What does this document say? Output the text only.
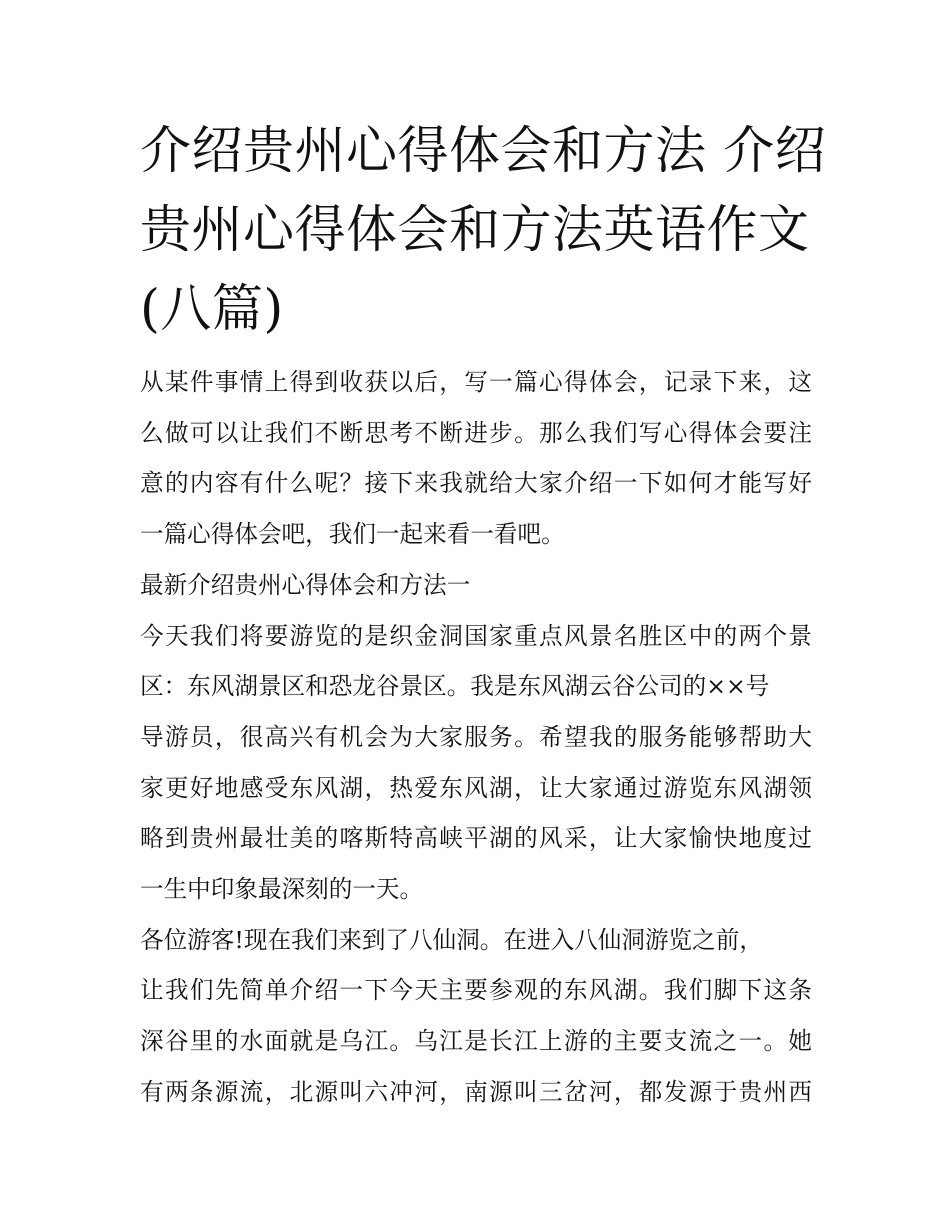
介绍贵州心得体会和方法 介绍
贵州心得体会和方法英语作文
(八篇)

从某件事情上得到收获以后，写一篇心得体会，记录下来，这
么做可以让我们不断思考不断进步。那么我们写心得体会要注
意的内容有什么呢？接下来我就给大家介绍一下如何才能写好
一篇心得体会吧，我们一起来看一看吧。

最新介绍贵州心得体会和方法一

今天我们将要游览的是织金洞国家重点风景名胜区中的两个景
区：东风湖景区和恐龙谷景区。我是东风湖云谷公司的××号
导游员，很高兴有机会为大家服务。希望我的服务能够帮助大
家更好地感受东风湖，热爱东风湖，让大家通过游览东风湖领
略到贵州最壮美的喀斯特高峡平湖的风采，让大家愉快地度过
一生中印象最深刻的一天。

各位游客!现在我们来到了八仙洞。在进入八仙洞游览之前，
让我们先简单介绍一下今天主要参观的东风湖。我们脚下这条
深谷里的水面就是乌江。乌江是长江上游的主要支流之一。她
有两条源流，北源叫六冲河，南源叫三岔河，都发源于贵州西
